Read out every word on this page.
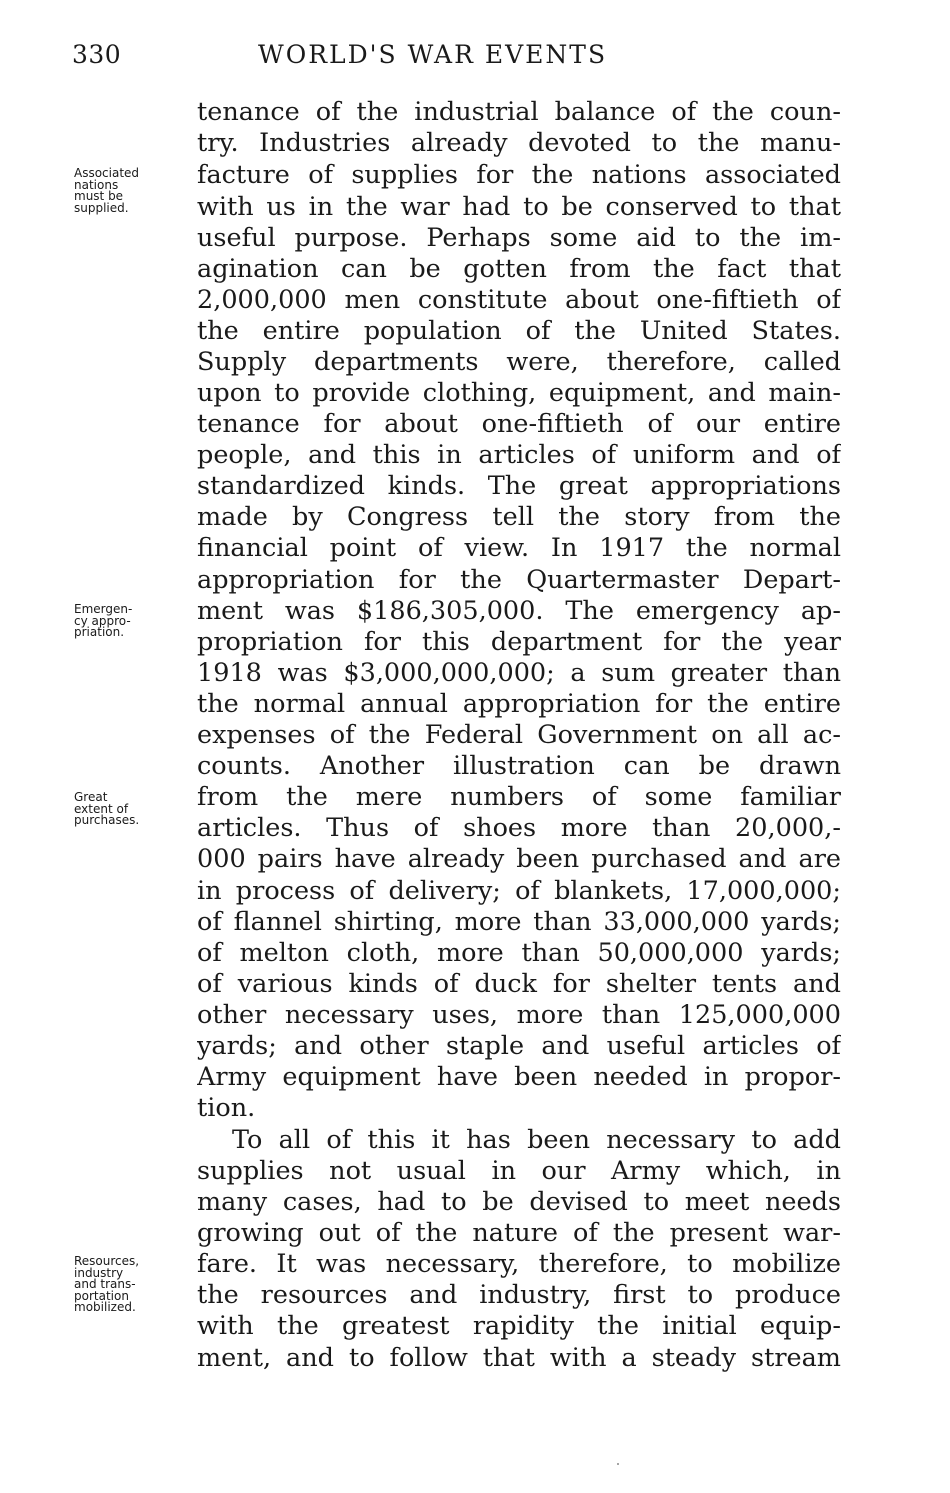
330	WORLD'S WAR EVENTS
tenance of the industrial balance of the coun-
try. Industries already devoted to the manu-
facture of supplies for the nations associated
with us in the war had to be conserved to that
useful purpose. Perhaps some aid to the im-
agination can be gotten from the fact that
2,000,000 men constitute about one-fiftieth of
the entire population of the United States.
Supply departments were, therefore, called
upon to provide clothing, equipment, and main-
tenance for about one-fiftieth of our entire
people, and this in articles of uniform and of
standardized kinds. The great appropriations
made by Congress tell the story from the
financial point of view. In 1917 the normal
appropriation for the Quartermaster Depart-
ment was $186,305,000. The emergency ap-
propriation for this department for the year
1918 was $3,000,000,000; a sum greater than
the normal annual appropriation for the entire
expenses of the Federal Government on all ac-
counts. Another illustration can be drawn
from the mere numbers of some familiar
articles. Thus of shoes more than 20,000,-
000 pairs have already been purchased and are
in process of delivery; of blankets, 17,000,000;
of flannel shirting, more than 33,000,000 yards;
of melton cloth, more than 50,000,000 yards;
of various kinds of duck for shelter tents and
other necessary uses, more than 125,000,000
yards; and other staple and useful articles of
Army equipment have been needed in propor-
tion.
To all of this it has been necessary to add
supplies not usual in our Army which, in
many cases, had to be devised to meet needs
growing out of the nature of the present war-
fare. It was necessary, therefore, to mobilize
the resources and industry, first to produce
with the greatest rapidity the initial equip-
ment, and to follow that with a steady stream
Associated
nations
must be
supplied.
Emergen-
cy appro-
priation.
Great
extent of
purchases.
Resources,
industry
and trans-
portation
mobilized.
